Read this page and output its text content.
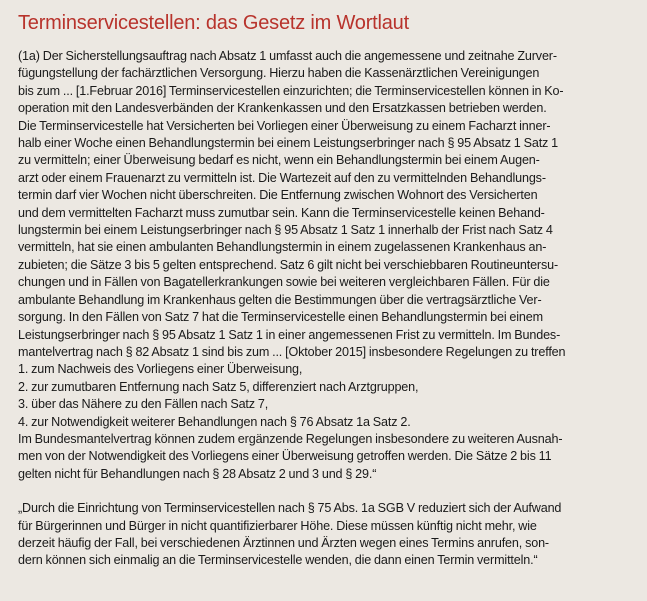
Terminservicestellen: das Gesetz im Wortlaut

(1a) Der Sicherstellungsauftrag nach Absatz 1 umfasst auch die angemessene und zeitnahe Zurver-
fügungstellung der fachärztlichen Versorgung. Hierzu haben die Kassenärztlichen Vereinigungen
bis zum ... [1.Februar 2016] Terminservicestellen einzurichten; die Terminservicestellen können in Ko-
operation mit den Landesverbänden der Krankenkassen und den Ersatzkassen betrieben werden.
Die Terminservicestelle hat Versicherten bei Vorliegen einer Überweisung zu einem Facharzt inner-
halb einer Woche einen Behandlungstermin bei einem Leistungserbringer nach § 95 Absatz 1 Satz 1
zu vermitteln; einer Überweisung bedarf es nicht, wenn ein Behandlungstermin bei einem Augen-
arzt oder einem Frauenarzt zu vermitteln ist. Die Wartezeit auf den zu vermittelnden Behandlungs-
termin darf vier Wochen nicht überschreiten. Die Entfernung zwischen Wohnort des Versicherten
und dem vermittelten Facharzt muss zumutbar sein. Kann die Terminservicestelle keinen Behand-
lungstermin bei einem Leistungserbringer nach § 95 Absatz 1 Satz 1 innerhalb der Frist nach Satz 4
vermitteln, hat sie einen ambulanten Behandlungstermin in einem zugelassenen Krankenhaus an-
zubieten; die Sätze 3 bis 5 gelten entsprechend. Satz 6 gilt nicht bei verschiebbaren Routineuntersu-
chungen und in Fällen von Bagatellerkrankungen sowie bei weiteren vergleichbaren Fällen. Für die
ambulante Behandlung im Krankenhaus gelten die Bestimmungen über die vertragsärztliche Ver-
sorgung. In den Fällen von Satz 7 hat die Terminservicestelle einen Behandlungstermin bei einem
Leistungserbringer nach § 95 Absatz 1 Satz 1 in einer angemessenen Frist zu vermitteln. Im Bundes-
mantelvertrag nach § 82 Absatz 1 sind bis zum ... [Oktober 2015] insbesondere Regelungen zu treffen
1. zum Nachweis des Vorliegens einer Überweisung,
2. zur zumutbaren Entfernung nach Satz 5, differenziert nach Arztgruppen,
3. über das Nähere zu den Fällen nach Satz 7,
4. zur Notwendigkeit weiterer Behandlungen nach § 76 Absatz 1a Satz 2.
Im Bundesmantelvertrag können zudem ergänzende Regelungen insbesondere zu weiteren Ausnah-
men von der Notwendigkeit des Vorliegens einer Überweisung getroffen werden. Die Sätze 2 bis 11
gelten nicht für Behandlungen nach § 28 Absatz 2 und 3 und § 29.“

„Durch die Einrichtung von Terminservicestellen nach § 75 Abs. 1a SGB V reduziert sich der Aufwand
für Bürgerinnen und Bürger in nicht quantifizierbarer Höhe. Diese müssen künftig nicht mehr, wie
derzeit häufig der Fall, bei verschiedenen Ärztinnen und Ärzten wegen eines Termins anrufen, son-
dern können sich einmalig an die Terminservicestelle wenden, die dann einen Termin vermitteln.“
